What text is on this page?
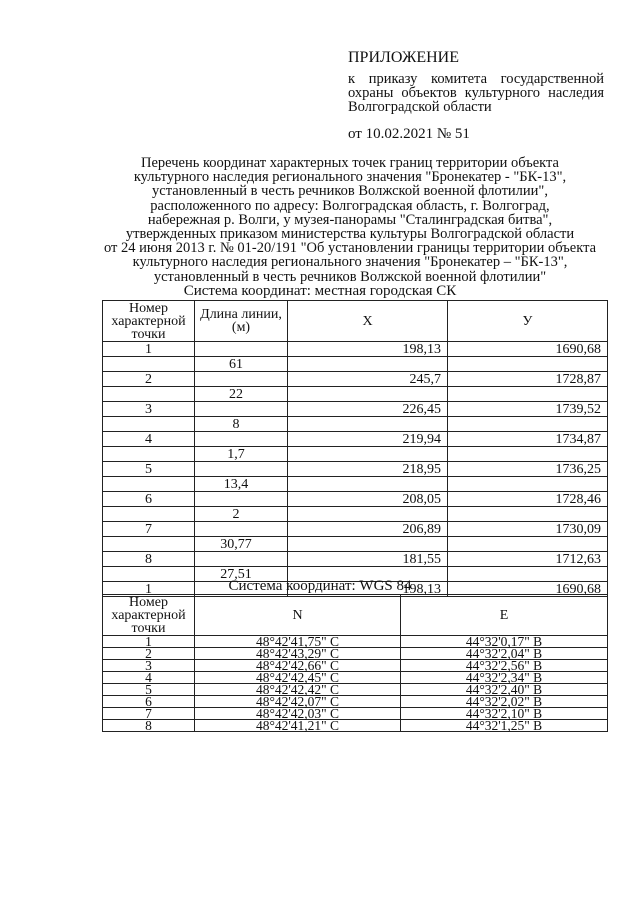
ПРИЛОЖЕНИЕ
к приказу комитета государственной охраны объектов культурного наследия Волгоградской области
от 10.02.2021 № 51
Перечень координат характерных точек границ территории объекта
культурного наследия регионального значения "Бронекатер - "БК-13",
установленный в честь речников Волжской военной флотилии",
расположенного по адресу: Волгоградская область, г. Волгоград,
набережная р. Волги, у музея-панорамы "Сталинградская битва",
утвержденных приказом министерства культуры Волгоградской области
от 24 июня 2013 г. № 01-20/191 "Об установлении границы территории объекта
культурного наследия регионального значения "Бронекатер – "БК-13",
установленный в честь речников Волжской военной флотилии"
Система координат: местная городская СК
Номер характерной точки	Длина линии, (м)	X	У
1		198,13	1690,68
	61		
2		245,7	1728,87
	22		
3		226,45	1739,52
	8		
4		219,94	1734,87
	1,7		
5		218,95	1736,25
	13,4		
6		208,05	1728,46
	2		
7		206,89	1730,09
	30,77		
8		181,55	1712,63
	27,51		
1		198,13	1690,68
Система координат: WGS 84
Номер характерной точки	N	E
1	48°42'41,75" С	44°32'0,17" В
2	48°42'43,29" С	44°32'2,04" В
3	48°42'42,66" С	44°32'2,56" В
4	48°42'42,45" С	44°32'2,34" В
5	48°42'42,42" С	44°32'2,40" В
6	48°42'42,07" С	44°32'2,02" В
7	48°42'42,03" С	44°32'2,10" В
8	48°42'41,21" С	44°32'1,25" В
